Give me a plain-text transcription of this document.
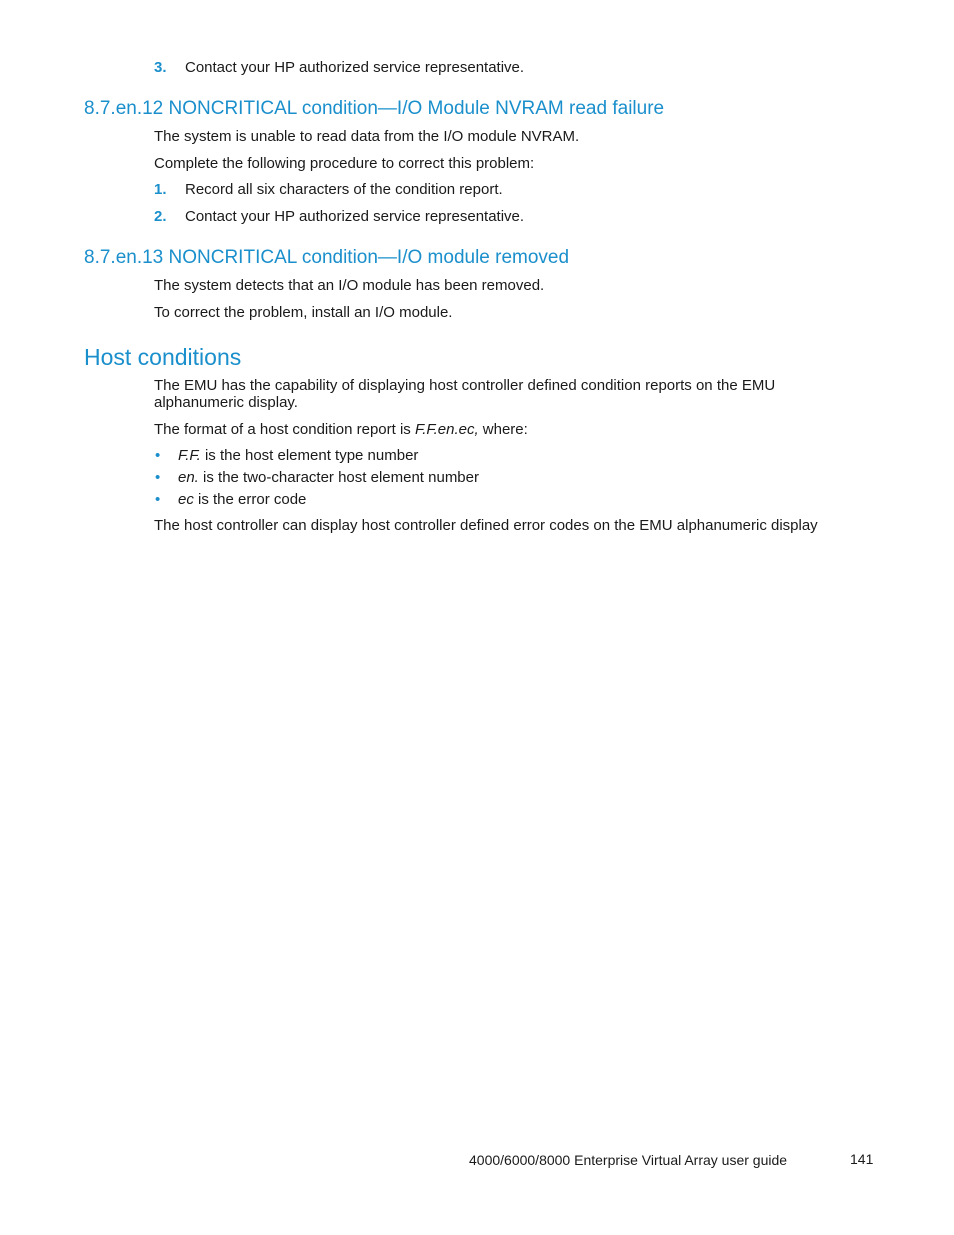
3. Contact your HP authorized service representative.
8.7.en.12 NONCRITICAL condition—I/O Module NVRAM read failure
The system is unable to read data from the I/O module NVRAM.
Complete the following procedure to correct this problem:
1. Record all six characters of the condition report.
2. Contact your HP authorized service representative.
8.7.en.13 NONCRITICAL condition—I/O module removed
The system detects that an I/O module has been removed.
To correct the problem, install an I/O module.
Host conditions
The EMU has the capability of displaying host controller defined condition reports on the EMU alphanumeric display.
The format of a host condition report is F.F.en.ec, where:
• F.F. is the host element type number
• en. is the two-character host element number
• ec is the error code
The host controller can display host controller defined error codes on the EMU alphanumeric display
4000/6000/8000 Enterprise Virtual Array user guide	141
